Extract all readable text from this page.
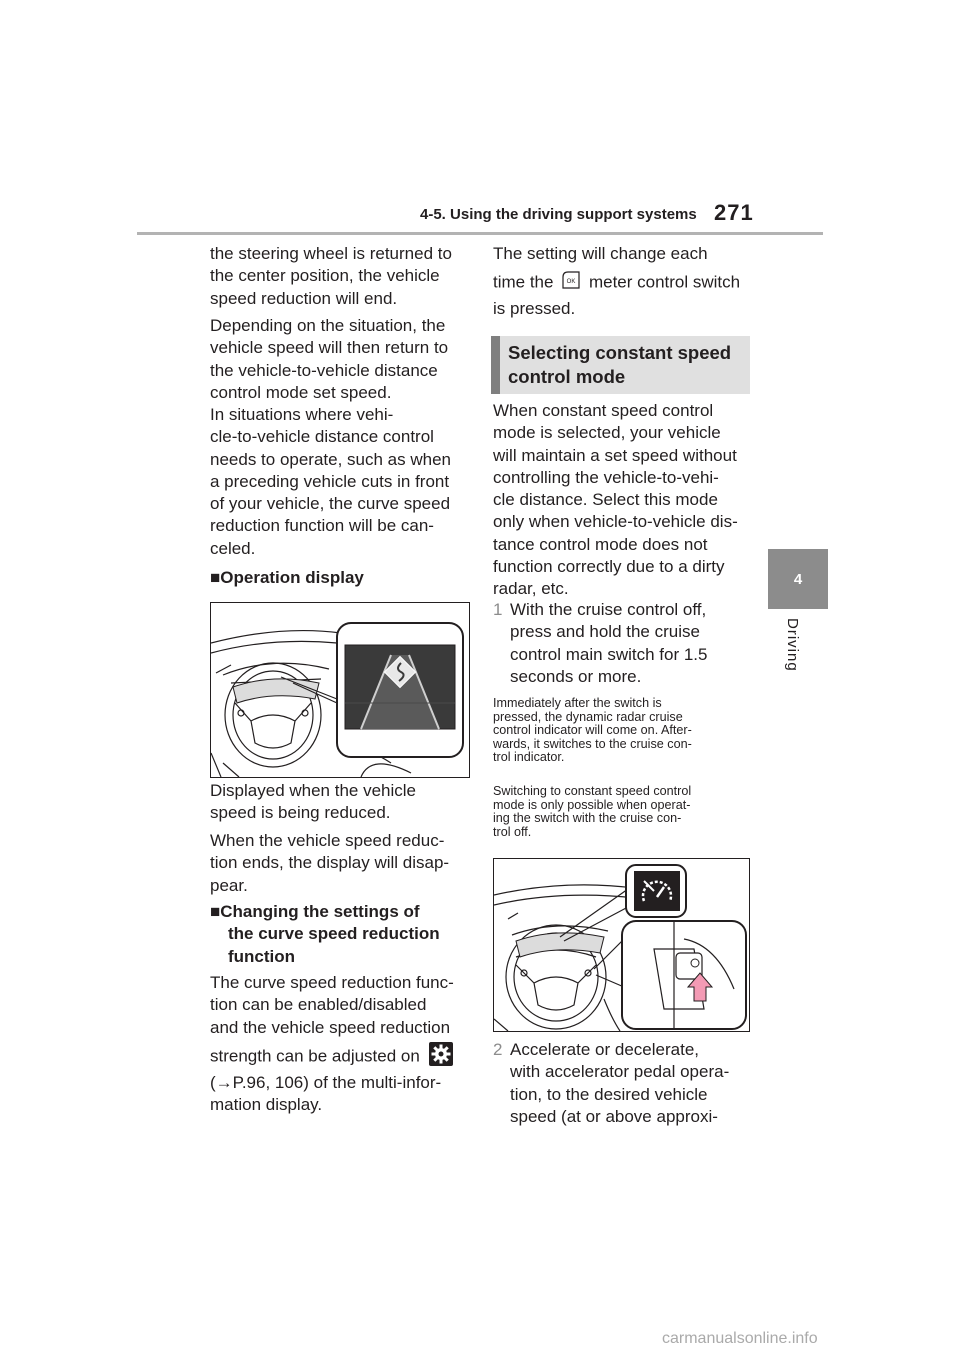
4-5. Using the driving support systems 271
4
Driving

the steering wheel is returned to

the center position, the vehicle

speed reduction will end.

Depending on the situation, the

vehicle speed will then return to

the vehicle-to-vehicle distance

control mode set speed.

In situations where vehi-

cle-to-vehicle distance control

needs to operate, such as when

a preceding vehicle cuts in front

of your vehicle, the curve speed

reduction function will be can-

celed.

■Operation display

Displayed when the vehicle

speed is being reduced.

When the vehicle speed reduc-

tion ends, the display will disap-

pear.

■Changing the settings of

the curve speed reduction

function

The curve speed reduction func-

tion can be enabled/disabled

and the vehicle speed reduction

strength can be adjusted on

(→P.96, 106) of the multi-infor-

mation display.

The setting will change each

time the OK meter control switch

is pressed.

Selecting constant speed
control mode

When constant speed control

mode is selected, your vehicle

will maintain a set speed without

controlling the vehicle-to-vehi-

cle distance. Select this mode

only when vehicle-to-vehicle dis-

tance control mode does not

function correctly due to a dirty

radar, etc.

1 With the cruise control off,

press and hold the cruise

control main switch for 1.5

seconds or more.

Immediately after the switch is
pressed, the dynamic radar cruise
control indicator will come on. After-
wards, it switches to the cruise con-
trol indicator.
Switching to constant speed control
mode is only possible when operat-
ing the switch with the cruise con-
trol off.
2 Accelerate or decelerate,

with accelerator pedal opera-

tion, to the desired vehicle

speed (at or above approxi-

carmanualsonline.info
